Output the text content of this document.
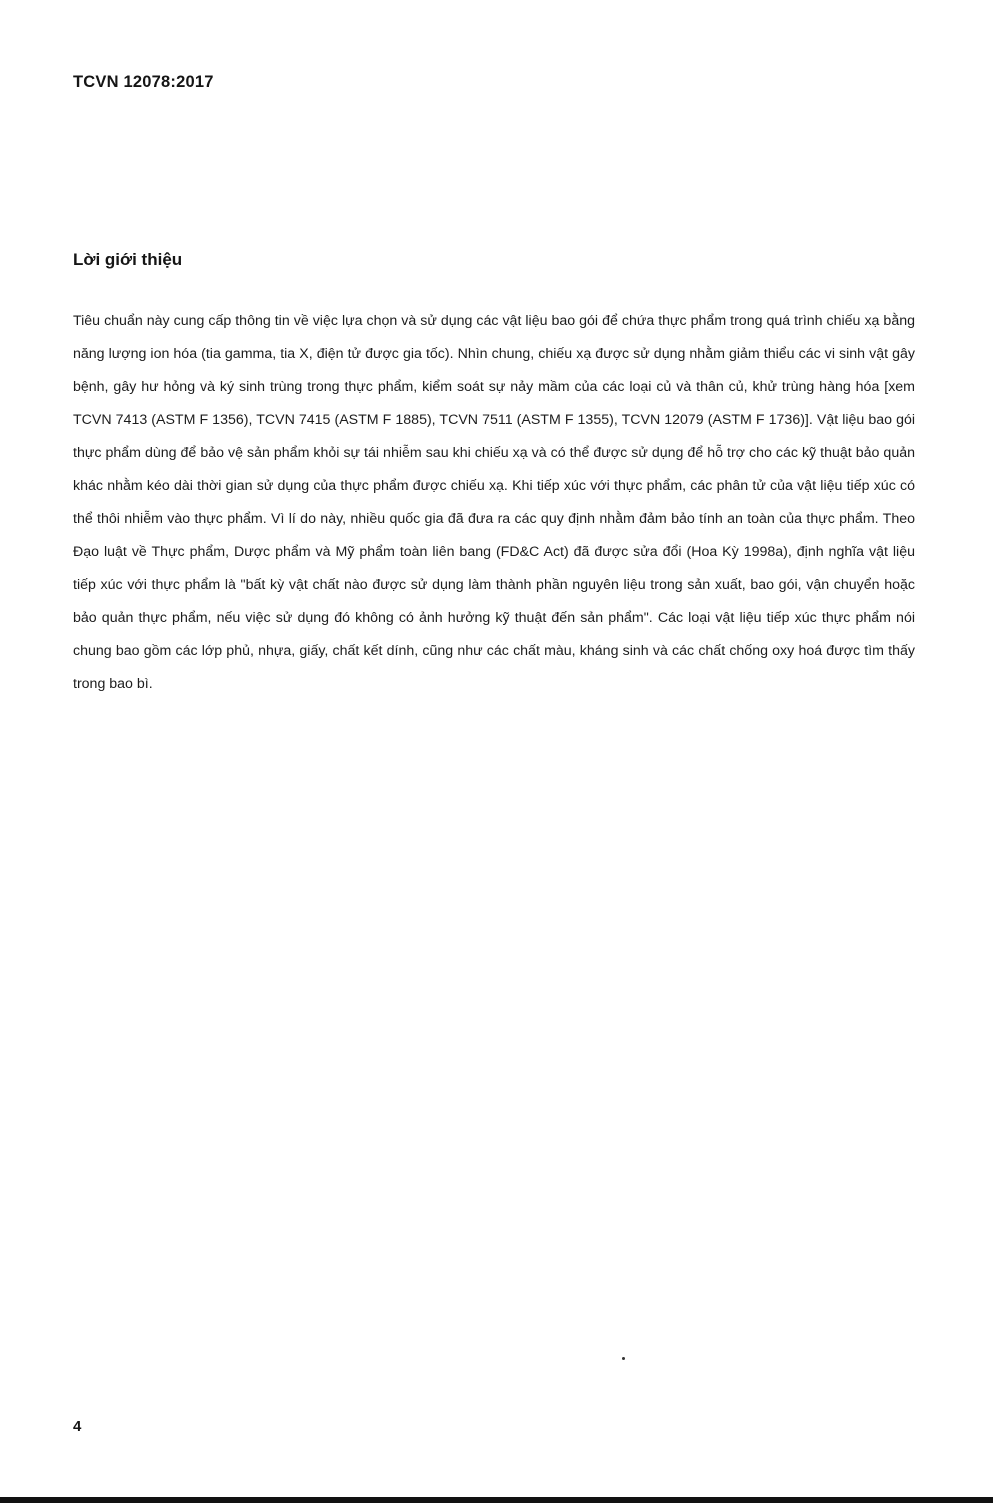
TCVN 12078:2017
Lời giới thiệu

Tiêu chuẩn này cung cấp thông tin về việc lựa chọn và sử dụng các vật liệu bao gói để chứa thực phẩm trong quá trình chiếu xạ bằng năng lượng ion hóa (tia gamma, tia X, điện tử được gia tốc). Nhìn chung, chiếu xạ được sử dụng nhằm giảm thiểu các vi sinh vật gây bệnh, gây hư hỏng và ký sinh trùng trong thực phẩm, kiểm soát sự nảy mầm của các loại củ và thân củ, khử trùng hàng hóa [xem TCVN 7413 (ASTM F 1356), TCVN 7415 (ASTM F 1885), TCVN 7511 (ASTM F 1355), TCVN 12079 (ASTM F 1736)]. Vật liệu bao gói thực phẩm dùng để bảo vệ sản phẩm khỏi sự tái nhiễm sau khi chiếu xạ và có thể được sử dụng để hỗ trợ cho các kỹ thuật bảo quản khác nhằm kéo dài thời gian sử dụng của thực phẩm được chiếu xạ. Khi tiếp xúc với thực phẩm, các phân tử của vật liệu tiếp xúc có thể thôi nhiễm vào thực phẩm. Vì lí do này, nhiều quốc gia đã đưa ra các quy định nhằm đảm bảo tính an toàn của thực phẩm. Theo Đạo luật về Thực phẩm, Dược phẩm và Mỹ phẩm toàn liên bang (FD&C Act) đã được sửa đổi (Hoa Kỳ 1998a), định nghĩa vật liệu tiếp xúc với thực phẩm là "bất kỳ vật chất nào được sử dụng làm thành phần nguyên liệu trong sản xuất, bao gói, vận chuyển hoặc bảo quản thực phẩm, nếu việc sử dụng đó không có ảnh hưởng kỹ thuật đến sản phẩm". Các loại vật liệu tiếp xúc thực phẩm nói chung bao gồm các lớp phủ, nhựa, giấy, chất kết dính, cũng như các chất màu, kháng sinh và các chất chống oxy hoá được tìm thấy trong bao bì.

4
